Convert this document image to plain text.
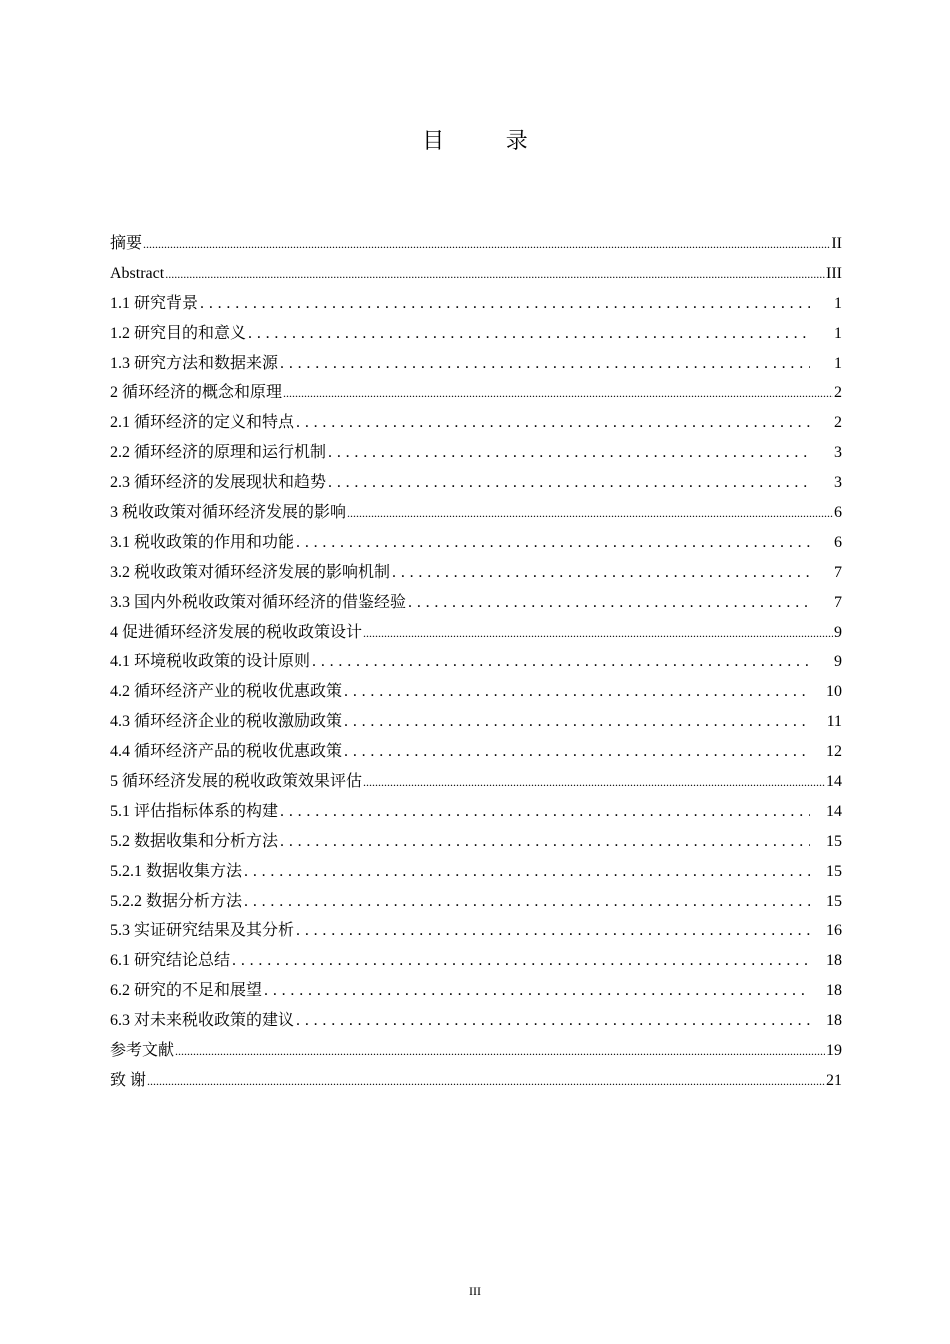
目 录
摘要 .....	II
Abstract .....	III
1.1 研究背景 . . .	1
1.2 研究目的和意义 . . .	1
1.3 研究方法和数据来源 . . .	1
2 循环经济的概念和原理 .....	2
2.1 循环经济的定义和特点 . . .	2
2.2 循环经济的原理和运行机制 . . .	3
2.3 循环经济的发展现状和趋势 . . .	3
3 税收政策对循环经济发展的影响 .....	6
3.1 税收政策的作用和功能 . . .	6
3.2 税收政策对循环经济发展的影响机制 . . .	7
3.3 国内外税收政策对循环经济的借鉴经验 . . .	7
4 促进循环经济发展的税收政策设计 .....	9
4.1 环境税收政策的设计原则 . . .	9
4.2 循环经济产业的税收优惠政策 . . .	10
4.3 循环经济企业的税收激励政策 . . .	11
4.4 循环经济产品的税收优惠政策 . . .	12
5 循环经济发展的税收政策效果评估 .....	14
5.1 评估指标体系的构建 . . .	14
5.2 数据收集和分析方法 . . .	15
5.2.1 数据收集方法 . . .	15
5.2.2 数据分析方法 . . .	15
5.3 实证研究结果及其分析 . . .	16
6.1 研究结论总结 . . .	18
6.2 研究的不足和展望 . . .	18
6.3 对未来税收政策的建议 . . .	18
参考文献 .....	19
致 谢 .....	21
III
